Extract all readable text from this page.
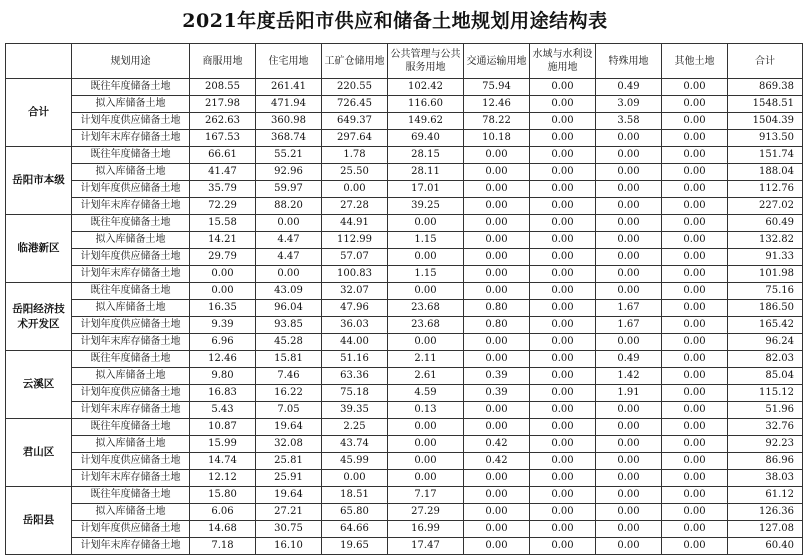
2021年度岳阳市供应和储备土地规划用途结构表
	规划用途	商服用地	住宅用地	工矿仓储用地	公共管理与公共服务用地	交通运输用地	水域与水利设施用地	特殊用地	其他土地	合计
合计	既往年度储备土地	208.55	261.41	220.55	102.42	75.94	0.00	0.49	0.00	869.38
	拟入库储备土地	217.98	471.94	726.45	116.60	12.46	0.00	3.09	0.00	1548.51
	计划年度供应储备土地	262.63	360.98	649.37	149.62	78.22	0.00	3.58	0.00	1504.39
	计划年末库存储备土地	167.53	368.74	297.64	69.40	10.18	0.00	0.00	0.00	913.50
岳阳市本级	既往年度储备土地	66.61	55.21	1.78	28.15	0.00	0.00	0.00	0.00	151.74
	拟入库储备土地	41.47	92.96	25.50	28.11	0.00	0.00	0.00	0.00	188.04
	计划年度供应储备土地	35.79	59.97	0.00	17.01	0.00	0.00	0.00	0.00	112.76
	计划年末库存储备土地	72.29	88.20	27.28	39.25	0.00	0.00	0.00	0.00	227.02
临港新区	既往年度储备土地	15.58	0.00	44.91	0.00	0.00	0.00	0.00	0.00	60.49
	拟入库储备土地	14.21	4.47	112.99	1.15	0.00	0.00	0.00	0.00	132.82
	计划年度供应储备土地	29.79	4.47	57.07	0.00	0.00	0.00	0.00	0.00	91.33
	计划年末库存储备土地	0.00	0.00	100.83	1.15	0.00	0.00	0.00	0.00	101.98
岳阳经济技术开发区	既往年度储备土地	0.00	43.09	32.07	0.00	0.00	0.00	0.00	0.00	75.16
	拟入库储备土地	16.35	96.04	47.96	23.68	0.80	0.00	1.67	0.00	186.50
	计划年度供应储备土地	9.39	93.85	36.03	23.68	0.80	0.00	1.67	0.00	165.42
	计划年末库存储备土地	6.96	45.28	44.00	0.00	0.00	0.00	0.00	0.00	96.24
云溪区	既往年度储备土地	12.46	15.81	51.16	2.11	0.00	0.00	0.49	0.00	82.03
	拟入库储备土地	9.80	7.46	63.36	2.61	0.39	0.00	1.42	0.00	85.04
	计划年度供应储备土地	16.83	16.22	75.18	4.59	0.39	0.00	1.91	0.00	115.12
	计划年末库存储备土地	5.43	7.05	39.35	0.13	0.00	0.00	0.00	0.00	51.96
君山区	既往年度储备土地	10.87	19.64	2.25	0.00	0.00	0.00	0.00	0.00	32.76
	拟入库储备土地	15.99	32.08	43.74	0.00	0.42	0.00	0.00	0.00	92.23
	计划年度供应储备土地	14.74	25.81	45.99	0.00	0.42	0.00	0.00	0.00	86.96
	计划年末库存储备土地	12.12	25.91	0.00	0.00	0.00	0.00	0.00	0.00	38.03
岳阳县	既往年度储备土地	15.80	19.64	18.51	7.17	0.00	0.00	0.00	0.00	61.12
	拟入库储备土地	6.06	27.21	65.80	27.29	0.00	0.00	0.00	0.00	126.36
	计划年度供应储备土地	14.68	30.75	64.66	16.99	0.00	0.00	0.00	0.00	127.08
	计划年末库存储备土地	7.18	16.10	19.65	17.47	0.00	0.00	0.00	0.00	60.40
